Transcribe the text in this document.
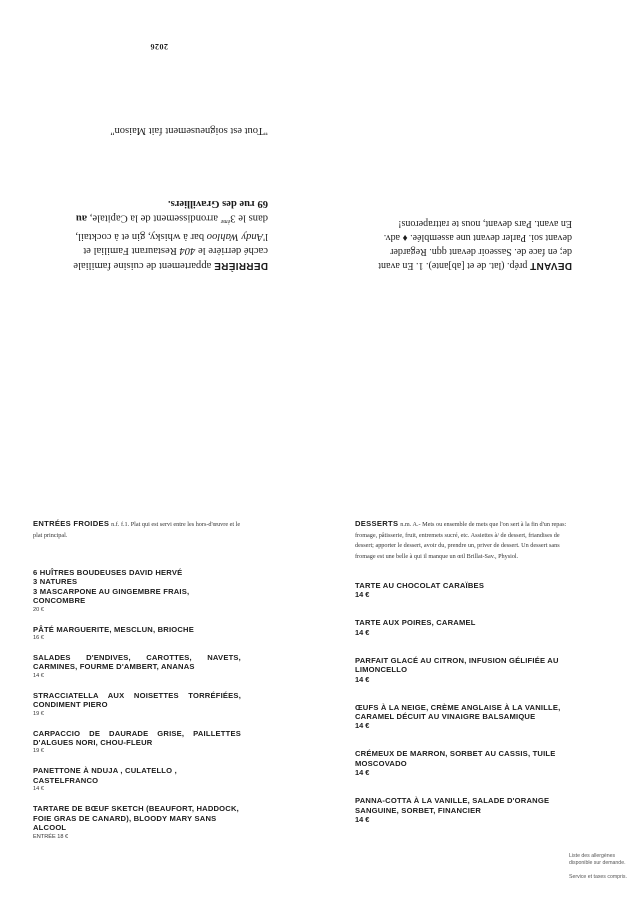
DERRIÈRE appartement de cuisine familiale caché derrière le 404 Restaurant Familial et l'Andy Wahloo bar à whisky, gin et à cocktail, dans le 3ème arrondissement de la Capitale, au 69 rue des Gravilliers.
DEVANT prép. (lat. de et [ab]ante). 1. En avant de; en face de. Sasseoir devant qqn. Regarder devant soi. Parler devant une assemblée. ♦ adv. En avant. Pars devant, nous te rattraperons!
"Tout est soigneusement fait Maison"
2026
ENTRÉES FROIDES n.f. f.1. Plat qui est servi entre les hors-d'œuvre et le plat principal.
6 HUÎTRES BOUDEUSES DAVID HERVÉ
3 NATURES
3 MASCARPONE AU GINGEMBRE FRAIS, CONCOMBRE
20 €
PÂTÉ MARGUERITE, MESCLUN, BRIOCHE
16 €
SALADES D'ENDIVES, CAROTTES, NAVETS, CARMINES, FOURME D'AMBERT, ANANAS
14 €
STRACCIATELLA AUX NOISETTES TORRÉFIÉES, CONDIMENT PIERO
19 €
CARPACCIO DE DAURADE GRISE, PAILLETTES D'ALGUES NORI, CHOU-FLEUR
19 €
PANETTONE À NDUJA , CULATELLO , CASTELFRANCO
14 €
TARTARE DE BŒUF SKETCH (BEAUFORT, HADDOCK, FOIE GRAS DE CANARD), BLOODY MARY SANS ALCOOL
ENTRÉE 18 €
DESSERTS n.m. A.- Mets ou ensemble de mets que l'on sert à la fin d'un repas: fromage, pâtisserie, fruit, entremets sucré, etc. Assiettes à/ de dessert, friandises de dessert; apporter le dessert, avoir du, prendre un, priver de dessert. Un dessert sans fromage est une belle à qui il manque un œil Brillat-Sav., Physiol.
TARTE AU CHOCOLAT CARAÏBES
14 €
TARTE AUX POIRES, CARAMEL
14 €
PARFAIT GLACÉ AU CITRON, INFUSION GÉLIFIÉE AU LIMONCELLO
14 €
ŒUFS À LA NEIGE, CRÈME ANGLAISE À LA VANILLE, CARAMEL DÉCUIT AU VINAIGRE BALSAMIQUE
14 €
CRÉMEUX DE MARRON, SORBET AU CASSIS, TUILE MOSCOVADO
14 €
PANNA-COTTA À LA VANILLE, SALADE D'ORANGE SANGUINE, SORBET, FINANCIER
14 €

Liste des allergènes disponible sur demande.

Service et taxes compris.
